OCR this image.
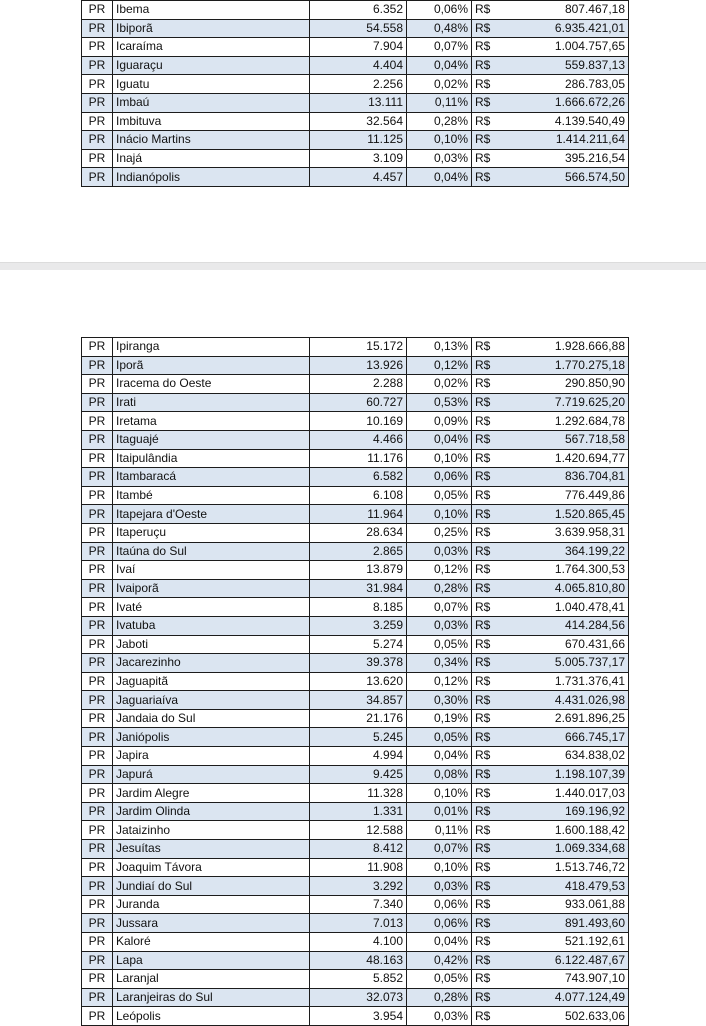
PR	Ibema	6.352	0,06%	R$	807.467,18
PR	Ibiporã	54.558	0,48%	R$	6.935.421,01
PR	Icaraíma	7.904	0,07%	R$	1.004.757,65
PR	Iguaraçu	4.404	0,04%	R$	559.837,13
PR	Iguatu	2.256	0,02%	R$	286.783,05
PR	Imbaú	13.111	0,11%	R$	1.666.672,26
PR	Imbituva	32.564	0,28%	R$	4.139.540,49
PR	Inácio Martins	11.125	0,10%	R$	1.414.211,64
PR	Inajá	3.109	0,03%	R$	395.216,54
PR	Indianópolis	4.457	0,04%	R$	566.574,50
PR	Ipiranga	15.172	0,13%	R$	1.928.666,88
PR	Iporã	13.926	0,12%	R$	1.770.275,18
PR	Iracema do Oeste	2.288	0,02%	R$	290.850,90
PR	Irati	60.727	0,53%	R$	7.719.625,20
PR	Iretama	10.169	0,09%	R$	1.292.684,78
PR	Itaguajé	4.466	0,04%	R$	567.718,58
PR	Itaipulândia	11.176	0,10%	R$	1.420.694,77
PR	Itambaracá	6.582	0,06%	R$	836.704,81
PR	Itambé	6.108	0,05%	R$	776.449,86
PR	Itapejara d'Oeste	11.964	0,10%	R$	1.520.865,45
PR	Itaperuçu	28.634	0,25%	R$	3.639.958,31
PR	Itaúna do Sul	2.865	0,03%	R$	364.199,22
PR	Ivaí	13.879	0,12%	R$	1.764.300,53
PR	Ivaiporã	31.984	0,28%	R$	4.065.810,80
PR	Ivaté	8.185	0,07%	R$	1.040.478,41
PR	Ivatuba	3.259	0,03%	R$	414.284,56
PR	Jaboti	5.274	0,05%	R$	670.431,66
PR	Jacarezinho	39.378	0,34%	R$	5.005.737,17
PR	Jaguapitã	13.620	0,12%	R$	1.731.376,41
PR	Jaguariaíva	34.857	0,30%	R$	4.431.026,98
PR	Jandaia do Sul	21.176	0,19%	R$	2.691.896,25
PR	Janiópolis	5.245	0,05%	R$	666.745,17
PR	Japira	4.994	0,04%	R$	634.838,02
PR	Japurá	9.425	0,08%	R$	1.198.107,39
PR	Jardim Alegre	11.328	0,10%	R$	1.440.017,03
PR	Jardim Olinda	1.331	0,01%	R$	169.196,92
PR	Jataizinho	12.588	0,11%	R$	1.600.188,42
PR	Jesuítas	8.412	0,07%	R$	1.069.334,68
PR	Joaquim Távora	11.908	0,10%	R$	1.513.746,72
PR	Jundiaí do Sul	3.292	0,03%	R$	418.479,53
PR	Juranda	7.340	0,06%	R$	933.061,88
PR	Jussara	7.013	0,06%	R$	891.493,60
PR	Kaloré	4.100	0,04%	R$	521.192,61
PR	Lapa	48.163	0,42%	R$	6.122.487,67
PR	Laranjal	5.852	0,05%	R$	743.907,10
PR	Laranjeiras do Sul	32.073	0,28%	R$	4.077.124,49
PR	Leópolis	3.954	0,03%	R$	502.633,06
